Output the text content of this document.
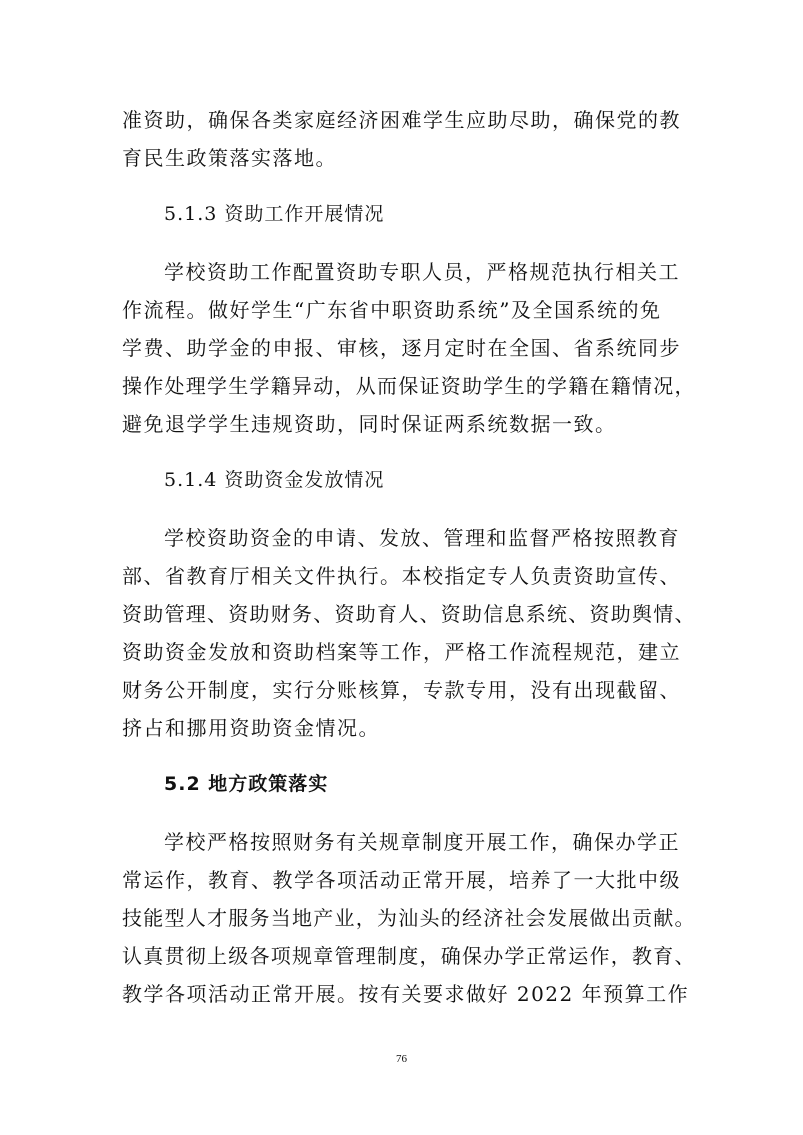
准资助，确保各类家庭经济困难学生应助尽助，确保党的教
育民生政策落实落地。
5.1.3 资助工作开展情况
学校资助工作配置资助专职人员，严格规范执行相关工
作流程。做好学生“广东省中职资助系统”及全国系统的免
学费、助学金的申报、审核，逐月定时在全国、省系统同步
操作处理学生学籍异动，从而保证资助学生的学籍在籍情况，
避免退学学生违规资助，同时保证两系统数据一致。
5.1.4 资助资金发放情况
学校资助资金的申请、发放、管理和监督严格按照教育
部、省教育厅相关文件执行。本校指定专人负责资助宣传、
资助管理、资助财务、资助育人、资助信息系统、资助舆情、
资助资金发放和资助档案等工作，严格工作流程规范，建立
财务公开制度，实行分账核算，专款专用，没有出现截留、
挤占和挪用资助资金情况。
5.2 地方政策落实
学校严格按照财务有关规章制度开展工作，确保办学正
常运作，教育、教学各项活动正常开展，培养了一大批中级
技能型人才服务当地产业，为汕头的经济社会发展做出贡献。
认真贯彻上级各项规章管理制度，确保办学正常运作，教育、
教学各项活动正常开展。按有关要求做好 2022 年预算工作
76
